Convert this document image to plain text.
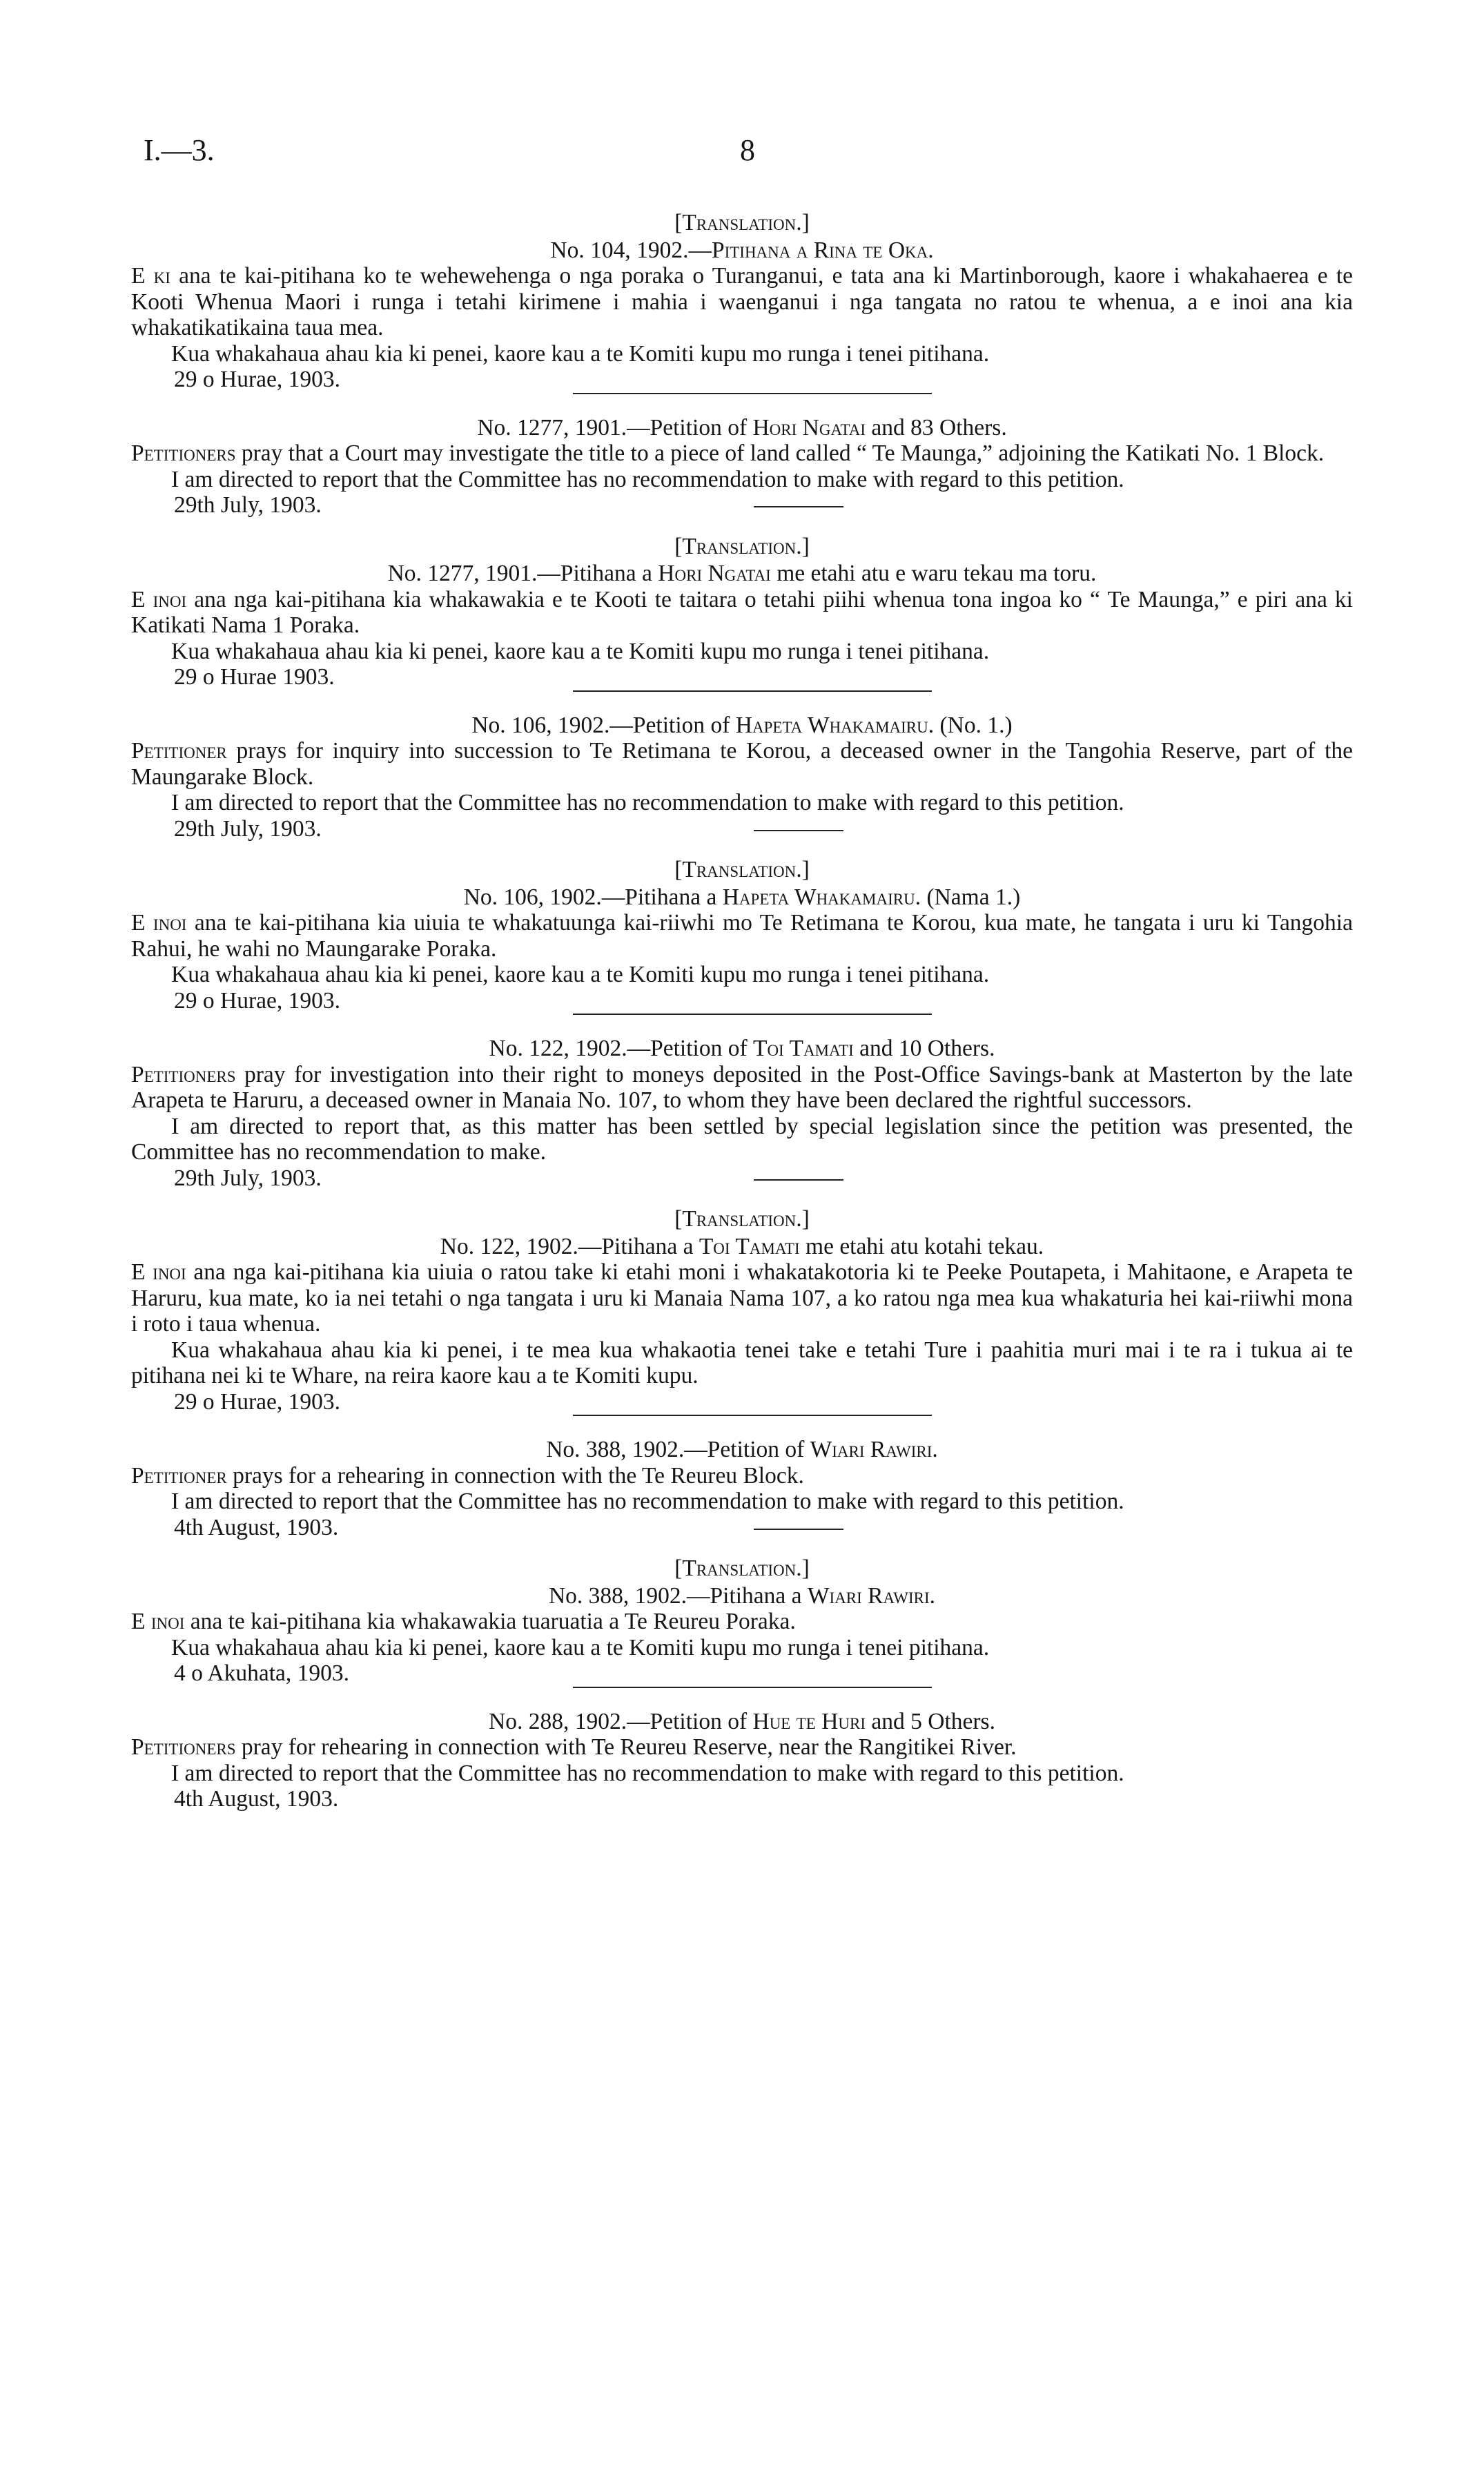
I.—3.	8
[Translation.]
No. 104, 1902.—Pitihana a Rina te Oka.

E ki ana te kai-pitihana ko te wehewehenga o nga poraka o Turanganui, e tata ana ki Martinborough, kaore i whakahaerea e te Kooti Whenua Maori i runga i tetahi kirimene i mahia i waenganui i nga tangata no ratou te whenua, a e inoi ana kia whakatikatikaina taua mea.

Kua whakahaua ahau kia ki penei, kaore kau a te Komiti kupu mo runga i tenei pitihana.

29 o Hurae, 1903.
No. 1277, 1901.—Petition of Hori Ngatai and 83 Others.

Petitioners pray that a Court may investigate the title to a piece of land called “ Te Maunga,” adjoining the Katikati No. 1 Block.

I am directed to report that the Committee has no recommendation to make with regard to this petition.

29th July, 1903.
[Translation.]
No. 1277, 1901.—Pitihana a Hori Ngatai me etahi atu e waru tekau ma toru.

E inoi ana nga kai-pitihana kia whakawakia e te Kooti te taitara o tetahi piihi whenua tona ingoa ko “ Te Maunga,” e piri ana ki Katikati Nama 1 Poraka.

Kua whakahaua ahau kia ki penei, kaore kau a te Komiti kupu mo runga i tenei pitihana.

29 o Hurae 1903.
No. 106, 1902.—Petition of Hapeta Whakamairu. (No. 1.)

Petitioner prays for inquiry into succession to Te Retimana te Korou, a deceased owner in the Tangohia Reserve, part of the Maungarake Block.

I am directed to report that the Committee has no recommendation to make with regard to this petition.

29th July, 1903.
[Translation.]
No. 106, 1902.—Pitihana a Hapeta Whakamairu. (Nama 1.)

E inoi ana te kai-pitihana kia uiuia te whakatuunga kai-riiwhi mo Te Retimana te Korou, kua mate, he tangata i uru ki Tangohia Rahui, he wahi no Maungarake Poraka.

Kua whakahaua ahau kia ki penei, kaore kau a te Komiti kupu mo runga i tenei pitihana.

29 o Hurae, 1903.
No. 122, 1902.—Petition of Toi Tamati and 10 Others.

Petitioners pray for investigation into their right to moneys deposited in the Post-Office Savings-bank at Masterton by the late Arapeta te Haruru, a deceased owner in Manaia No. 107, to whom they have been declared the rightful successors.

I am directed to report that, as this matter has been settled by special legislation since the petition was presented, the Committee has no recommendation to make.

29th July, 1903.
[Translation.]
No. 122, 1902.—Pitihana a Toi Tamati me etahi atu kotahi tekau.

E inoi ana nga kai-pitihana kia uiuia o ratou take ki etahi moni i whakatakotoria ki te Peeke Poutapeta, i Mahitaone, e Arapeta te Haruru, kua mate, ko ia nei tetahi o nga tangata i uru ki Manaia Nama 107, a ko ratou nga mea kua whakaturia hei kai-riiwhi mona i roto i taua whenua.

Kua whakahaua ahau kia ki penei, i te mea kua whakaotia tenei take e tetahi Ture i paahitia muri mai i te ra i tukua ai te pitihana nei ki te Whare, na reira kaore kau a te Komiti kupu.

29 o Hurae, 1903.
No. 388, 1902.—Petition of Wiari Rawiri.

Petitioner prays for a rehearing in connection with the Te Reureu Block.

I am directed to report that the Committee has no recommendation to make with regard to this petition.

4th August, 1903.
[Translation.]
No. 388, 1902.—Pitihana a Wiari Rawiri.

E inoi ana te kai-pitihana kia whakawakia tuaruatia a Te Reureu Poraka.

Kua whakahaua ahau kia ki penei, kaore kau a te Komiti kupu mo runga i tenei pitihana.

4 o Akuhata, 1903.
No. 288, 1902.—Petition of Hue te Huri and 5 Others.

Petitioners pray for rehearing in connection with Te Reureu Reserve, near the Rangitikei River.

I am directed to report that the Committee has no recommendation to make with regard to this petition.

4th August, 1903.
